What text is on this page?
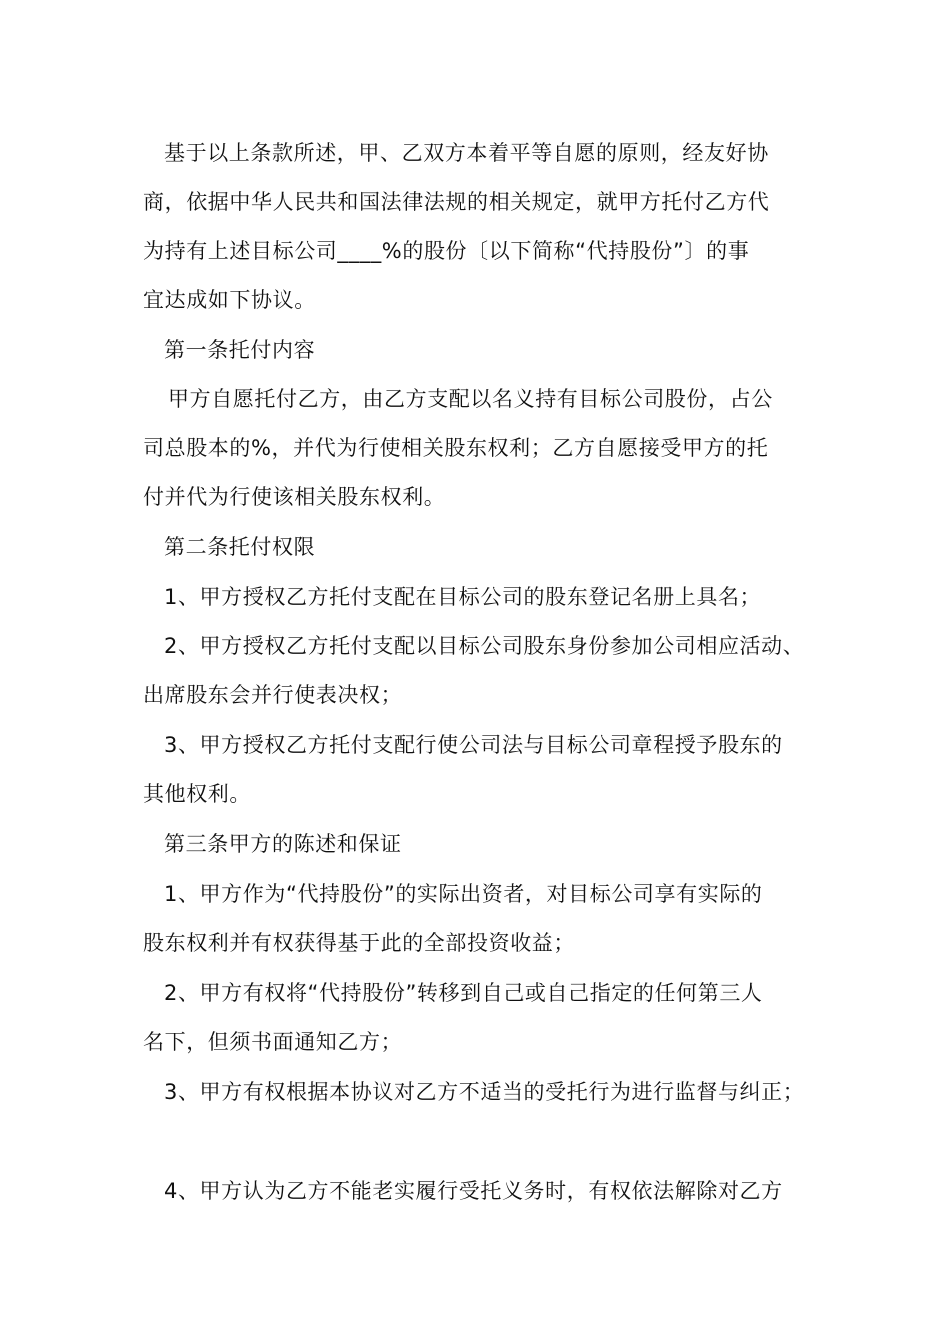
基于以上条款所述，甲、乙双方本着平等自愿的原则，经友好协
商，依据中华人民共和国法律法规的相关规定，就甲方托付乙方代
为持有上述目标公司____%的股份〔以下简称“代持股份”〕的事
宜达成如下协议。
第一条托付内容
甲方自愿托付乙方，由乙方支配以名义持有目标公司股份，占公
司总股本的%，并代为行使相关股东权利；乙方自愿接受甲方的托
付并代为行使该相关股东权利。
第二条托付权限
1、甲方授权乙方托付支配在目标公司的股东登记名册上具名；
2、甲方授权乙方托付支配以目标公司股东身份参加公司相应活动、
出席股东会并行使表决权；
3、甲方授权乙方托付支配行使公司法与目标公司章程授予股东的
其他权利。
第三条甲方的陈述和保证
1、甲方作为“代持股份”的实际出资者，对目标公司享有实际的
股东权利并有权获得基于此的全部投资收益；
2、甲方有权将“代持股份”转移到自己或自己指定的任何第三人
名下，但须书面通知乙方；
3、甲方有权根据本协议对乙方不适当的受托行为进行监督与纠正；
4、甲方认为乙方不能老实履行受托义务时，有权依法解除对乙方
